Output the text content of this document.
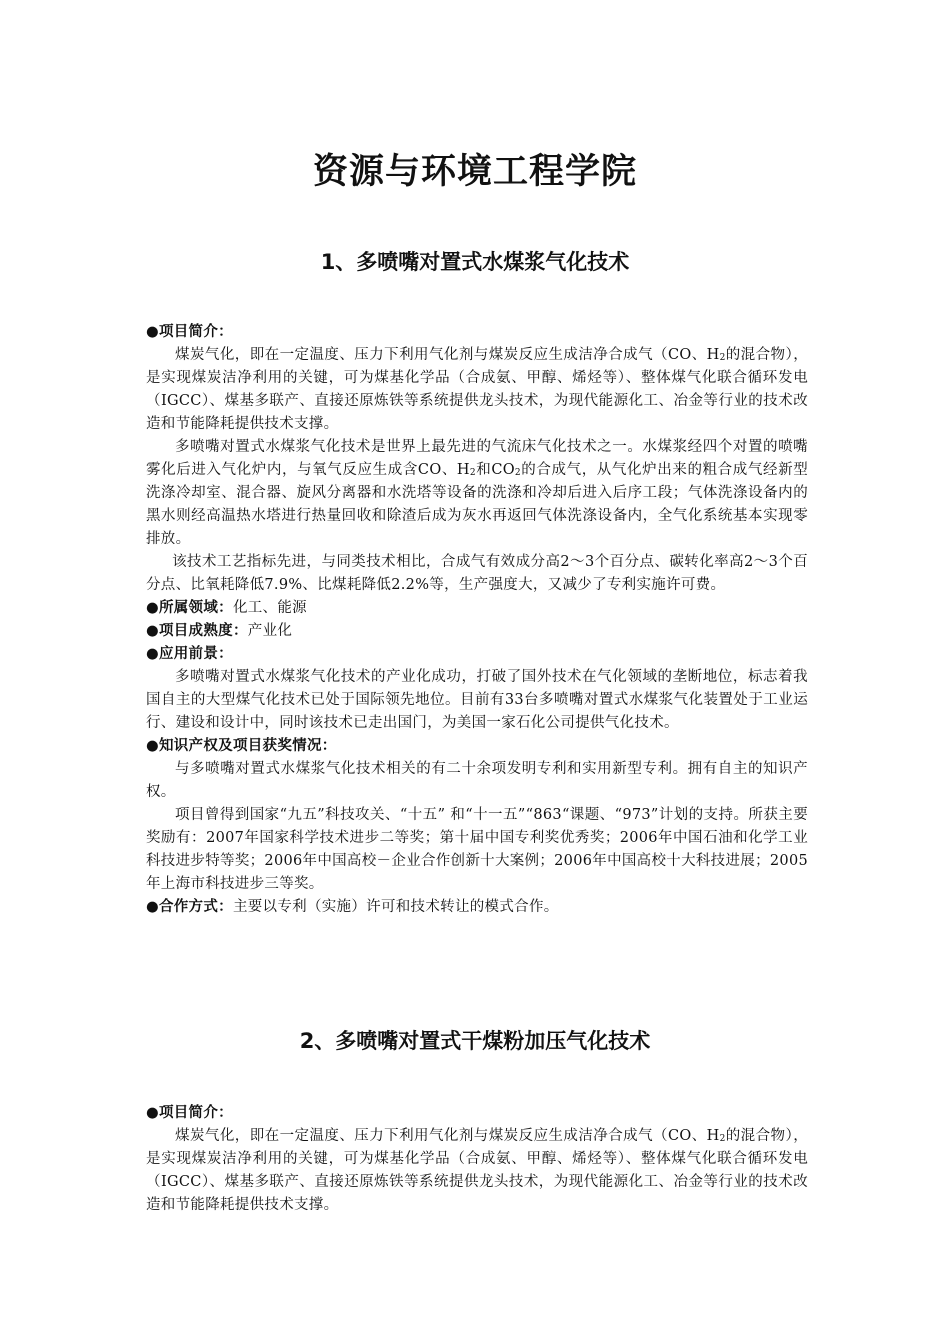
资源与环境工程学院
1、多喷嘴对置式水煤浆气化技术

●项目简介：

煤炭气化，即在一定温度、压力下利用气化剂与煤炭反应生成洁净合成气（CO、$H_2$的混合物），是实现煤炭洁净利用的关键，可为煤基化学品（合成氨、甲醇、烯烃等）、整体煤气化联合循环发电（IGCC）、煤基多联产、直接还原炼铁等系统提供龙头技术，为现代能源化工、冶金等行业的技术改造和节能降耗提供技术支撑。

多喷嘴对置式水煤浆气化技术是世界上最先进的气流床气化技术之一。水煤浆经四个对置的喷嘴雾化后进入气化炉内，与氧气反应生成含CO、$H_2$和$CO_2$的合成气，从气化炉出来的粗合成气经新型洗涤冷却室、混合器、旋风分离器和水洗塔等设备的洗涤和冷却后进入后序工段；气体洗涤设备内的黑水则经高温热水塔进行热量回收和除渣后成为灰水再返回气体洗涤设备内，全气化系统基本实现零排放。

该技术工艺指标先进，与同类技术相比，合成气有效成分高2～3个百分点、碳转化率高2～3个百分点、比氧耗降低7.9%、比煤耗降低2.2%等，生产强度大，又减少了专利实施许可费。

●所属领域：化工、能源

●项目成熟度：产业化

●应用前景：

多喷嘴对置式水煤浆气化技术的产业化成功，打破了国外技术在气化领域的垄断地位，标志着我国自主的大型煤气化技术已处于国际领先地位。目前有33台多喷嘴对置式水煤浆气化装置处于工业运行、建设和设计中，同时该技术已走出国门，为美国一家石化公司提供气化技术。

●知识产权及项目获奖情况：

与多喷嘴对置式水煤浆气化技术相关的有二十余项发明专利和实用新型专利。拥有自主的知识产权。

项目曾得到国家“九五”科技攻关、“十五” 和“十一五”“863“课题、“973”计划的支持。所获主要奖励有：2007年国家科学技术进步二等奖；第十届中国专利奖优秀奖；2006年中国石油和化学工业科技进步特等奖；2006年中国高校－企业合作创新十大案例；2006年中国高校十大科技进展；2005年上海市科技进步三等奖。

●合作方式：主要以专利（实施）许可和技术转让的模式合作。

2、多喷嘴对置式干煤粉加压气化技术

●项目简介：

煤炭气化，即在一定温度、压力下利用气化剂与煤炭反应生成洁净合成气（CO、$H_2$的混合物），是实现煤炭洁净利用的关键，可为煤基化学品（合成氨、甲醇、烯烃等）、整体煤气化联合循环发电（IGCC）、煤基多联产、直接还原炼铁等系统提供龙头技术，为现代能源化工、冶金等行业的技术改造和节能降耗提供技术支撑。
